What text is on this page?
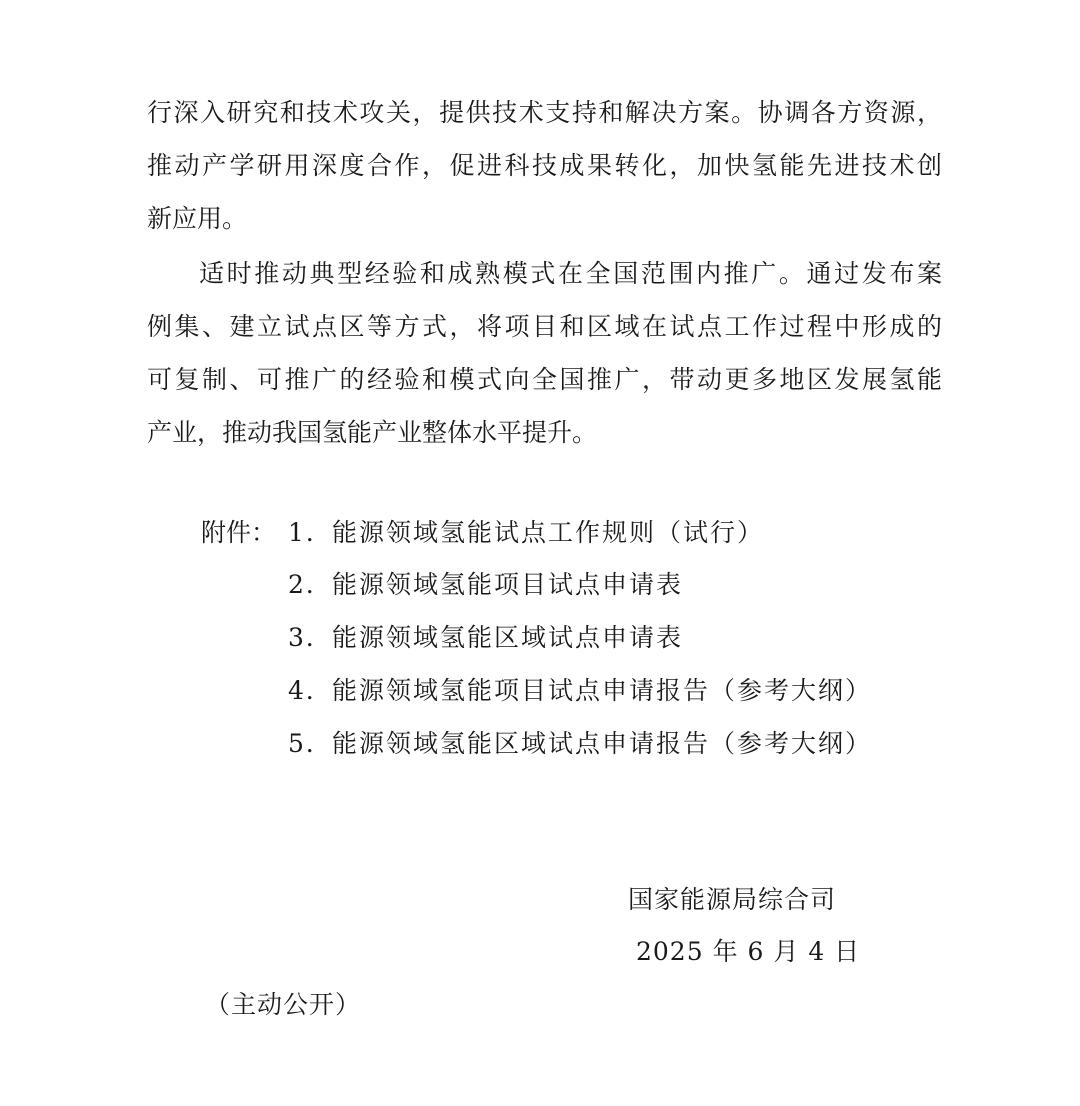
行深入研究和技术攻关，提供技术支持和解决方案。协调各方资源，
推动产学研用深度合作，促进科技成果转化，加快氢能先进技术创
新应用。
适时推动典型经验和成熟模式在全国范围内推广。通过发布案
例集、建立试点区等方式，将项目和区域在试点工作过程中形成的
可复制、可推广的经验和模式向全国推广，带动更多地区发展氢能
产业，推动我国氢能产业整体水平提升。
附件： 1．能源领域氢能试点工作规则（试行）
2．能源领域氢能项目试点申请表
3．能源领域氢能区域试点申请表
4．能源领域氢能项目试点申请报告（参考大纲）
5．能源领域氢能区域试点申请报告（参考大纲）
国家能源局综合司
2025 年 6 月 4 日
（主动公开）
